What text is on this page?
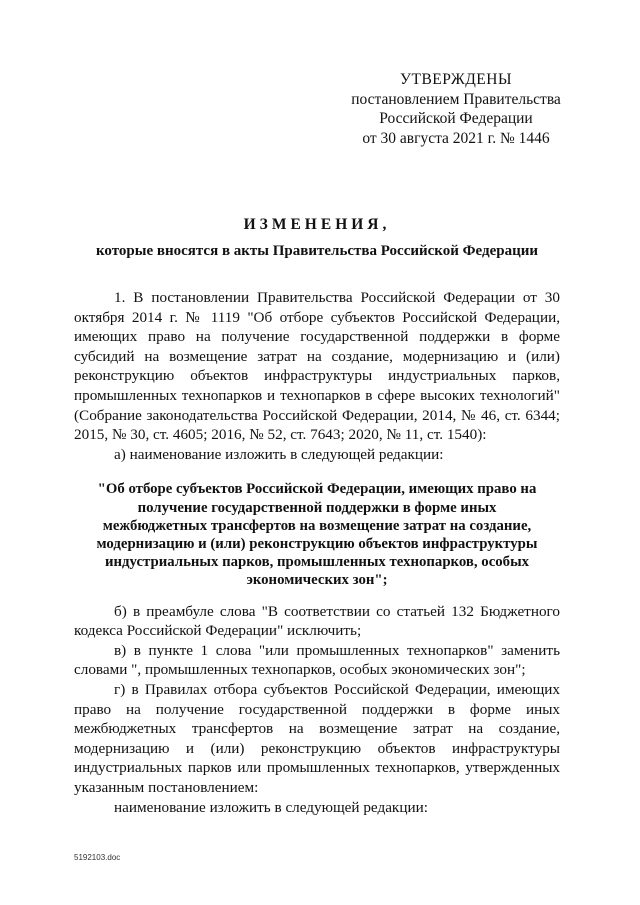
УТВЕРЖДЕНЫ
постановлением Правительства
Российской Федерации
от 30 августа 2021 г. № 1446
ИЗМЕНЕНИЯ,
которые вносятся в акты Правительства Российской Федерации

1. В постановлении Правительства Российской Федерации от 30 октября 2014 г. № 1119 "Об отборе субъектов Российской Федерации, имеющих право на получение государственной поддержки в форме субсидий на возмещение затрат на создание, модернизацию и (или) реконструкцию объектов инфраструктуры индустриальных парков, промышленных технопарков и технопарков в сфере высоких технологий" (Собрание законодательства Российской Федерации, 2014, № 46, ст. 6344; 2015, № 30, ст. 4605; 2016, № 52, ст. 7643; 2020, № 11, ст. 1540):

а) наименование изложить в следующей редакции:

"Об отборе субъектов Российской Федерации, имеющих право на получение государственной поддержки в форме иных межбюджетных трансфертов на возмещение затрат на создание, модернизацию и (или) реконструкцию объектов инфраструктуры индустриальных парков, промышленных технопарков, особых экономических зон";

б) в преамбуле слова "В соответствии со статьей 132 Бюджетного кодекса Российской Федерации" исключить;

в) в пункте 1 слова "или промышленных технопарков" заменить словами ", промышленных технопарков, особых экономических зон";

г) в Правилах отбора субъектов Российской Федерации, имеющих право на получение государственной поддержки в форме иных межбюджетных трансфертов на возмещение затрат на создание, модернизацию и (или) реконструкцию объектов инфраструктуры индустриальных парков или промышленных технопарков, утвержденных указанным постановлением:

наименование изложить в следующей редакции:

5192103.doc
